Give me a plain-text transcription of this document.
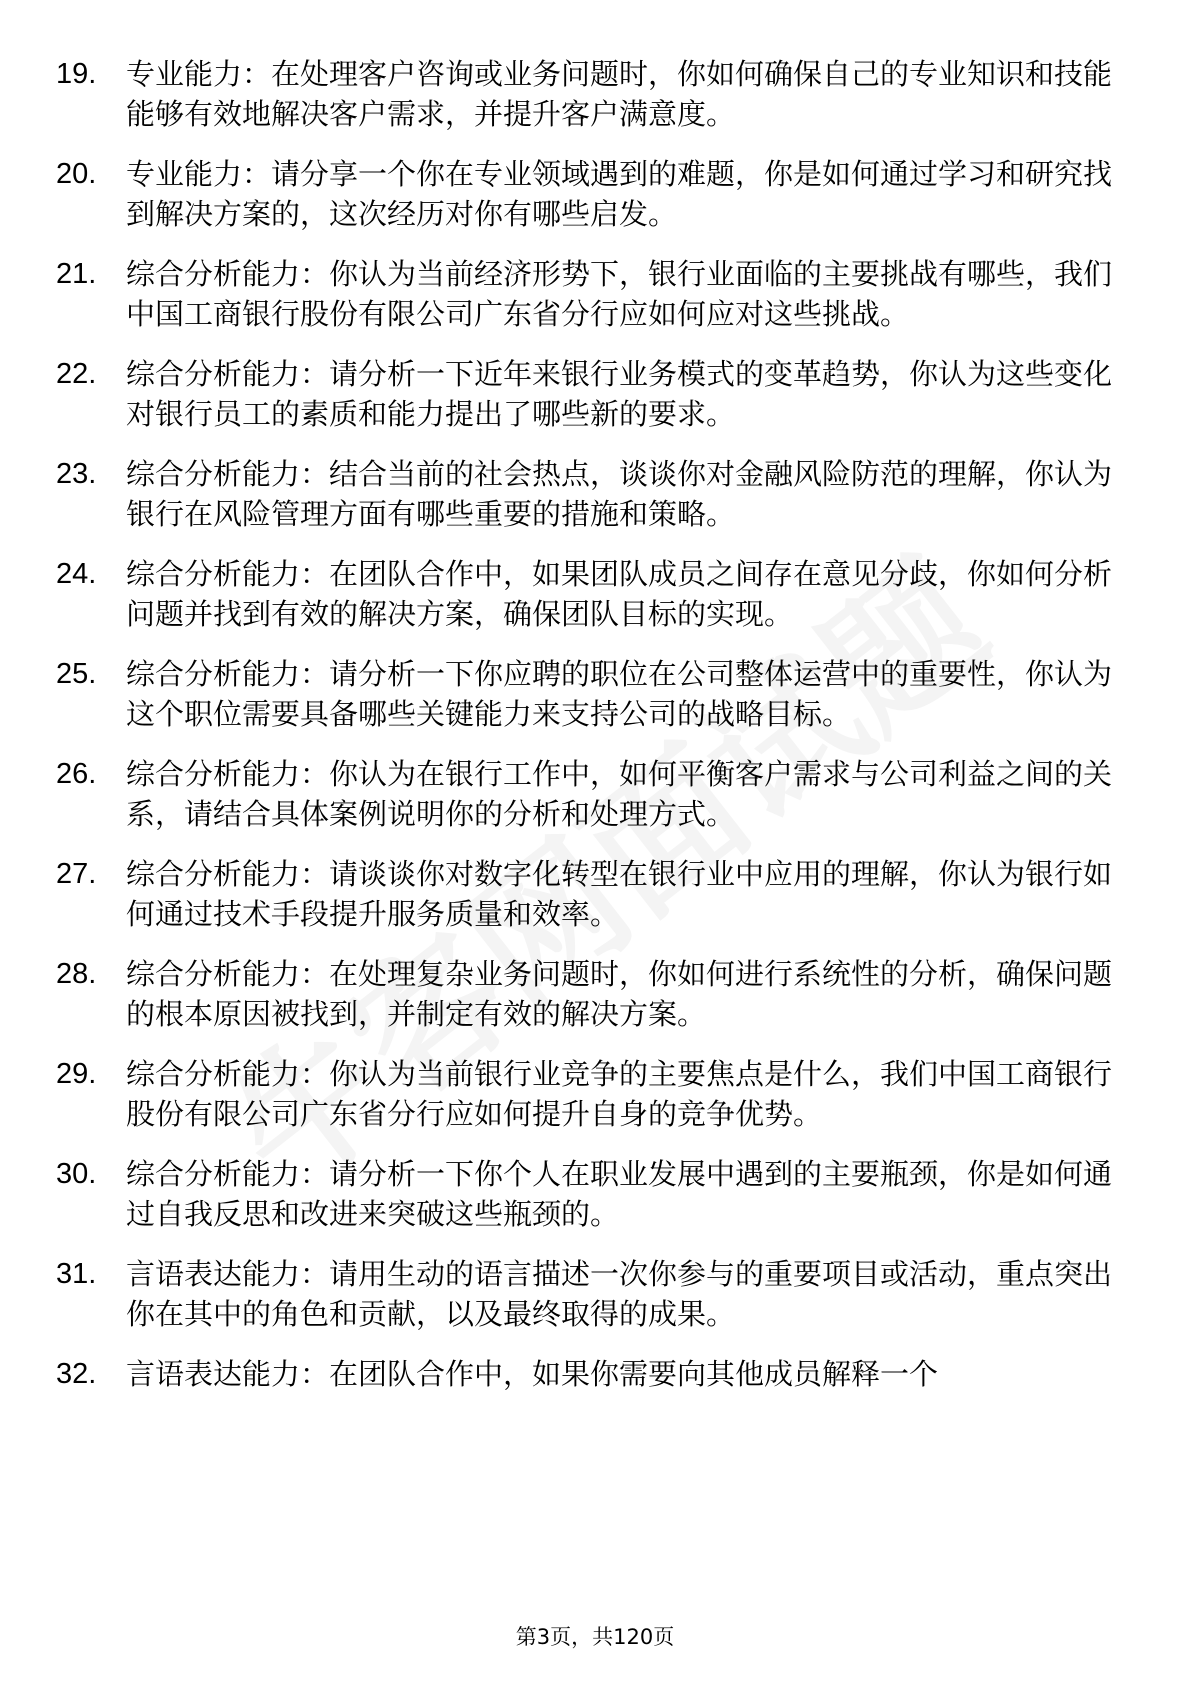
19.	专业能力：在处理客户咨询或业务问题时，你如何确保自己的专业知识和技能能够有效地解决客户需求，并提升客户满意度。

20.	专业能力：请分享一个你在专业领域遇到的难题，你是如何通过学习和研究找到解决方案的，这次经历对你有哪些启发。

21.	综合分析能力：你认为当前经济形势下，银行业面临的主要挑战有哪些，我们中国工商银行股份有限公司广东省分行应如何应对这些挑战。

22.	综合分析能力：请分析一下近年来银行业务模式的变革趋势，你认为这些变化对银行员工的素质和能力提出了哪些新的要求。

23.	综合分析能力：结合当前的社会热点，谈谈你对金融风险防范的理解，你认为银行在风险管理方面有哪些重要的措施和策略。

24.	综合分析能力：在团队合作中，如果团队成员之间存在意见分歧，你如何分析问题并找到有效的解决方案，确保团队目标的实现。

25.	综合分析能力：请分析一下你应聘的职位在公司整体运营中的重要性，你认为这个职位需要具备哪些关键能力来支持公司的战略目标。

26.	综合分析能力：你认为在银行工作中，如何平衡客户需求与公司利益之间的关系，请结合具体案例说明你的分析和处理方式。

27.	综合分析能力：请谈谈你对数字化转型在银行业中应用的理解，你认为银行如何通过技术手段提升服务质量和效率。

28.	综合分析能力：在处理复杂业务问题时，你如何进行系统性的分析，确保问题的根本原因被找到，并制定有效的解决方案。

29.	综合分析能力：你认为当前银行业竞争的主要焦点是什么，我们中国工商银行股份有限公司广东省分行应如何提升自身的竞争优势。

30.	综合分析能力：请分析一下你个人在职业发展中遇到的主要瓶颈，你是如何通过自我反思和改进来突破这些瓶颈的。

31.	言语表达能力：请用生动的语言描述一次你参与的重要项目或活动，重点突出你在其中的角色和贡献，以及最终取得的成果。

32.	言语表达能力：在团队合作中，如果你需要向其他成员解释一个

第3页，共120页
